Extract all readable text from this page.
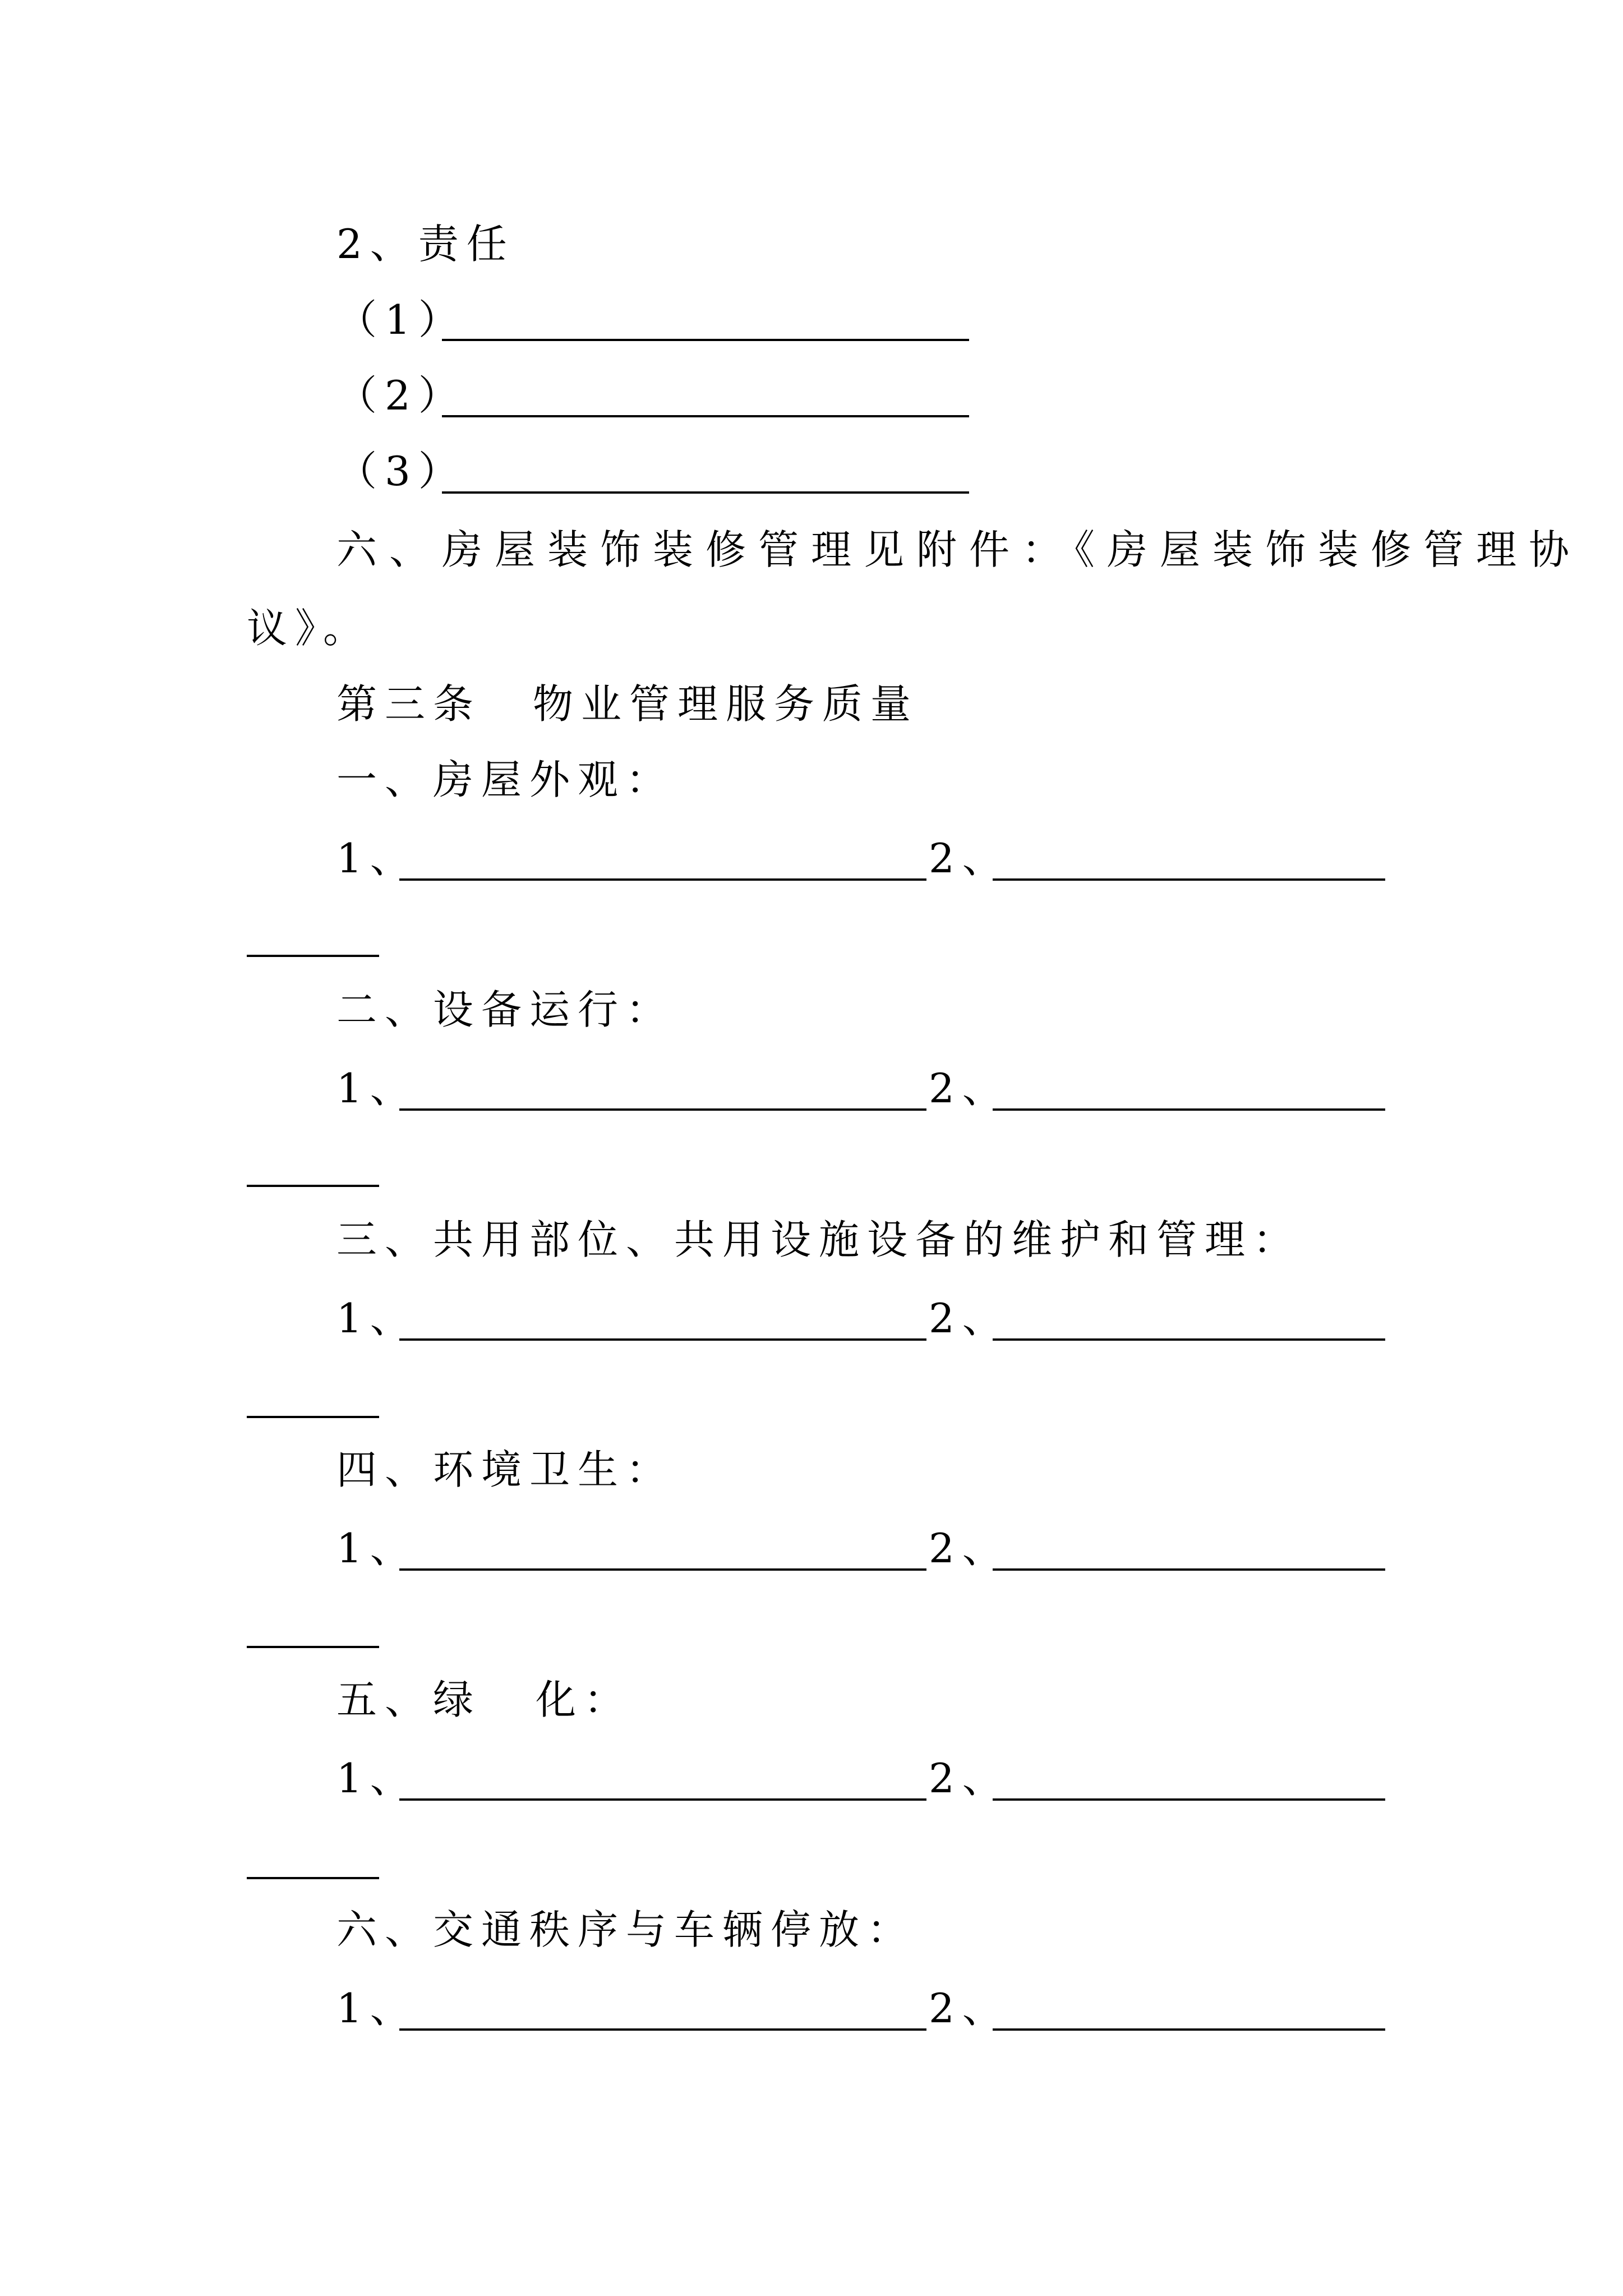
2、责任
（1）
（2）
（3）
六、房屋装饰装修管理见附件：《房屋装饰装修管理协
议》。
第三条 物业管理服务质量
一、房屋外观：
1、	2、
二、设备运行：
1、	2、
三、共用部位、共用设施设备的维护和管理：
1、	2、
四、环境卫生：
1、	2、
五、绿 化：
1、	2、
六、交通秩序与车辆停放：
1、	2、
